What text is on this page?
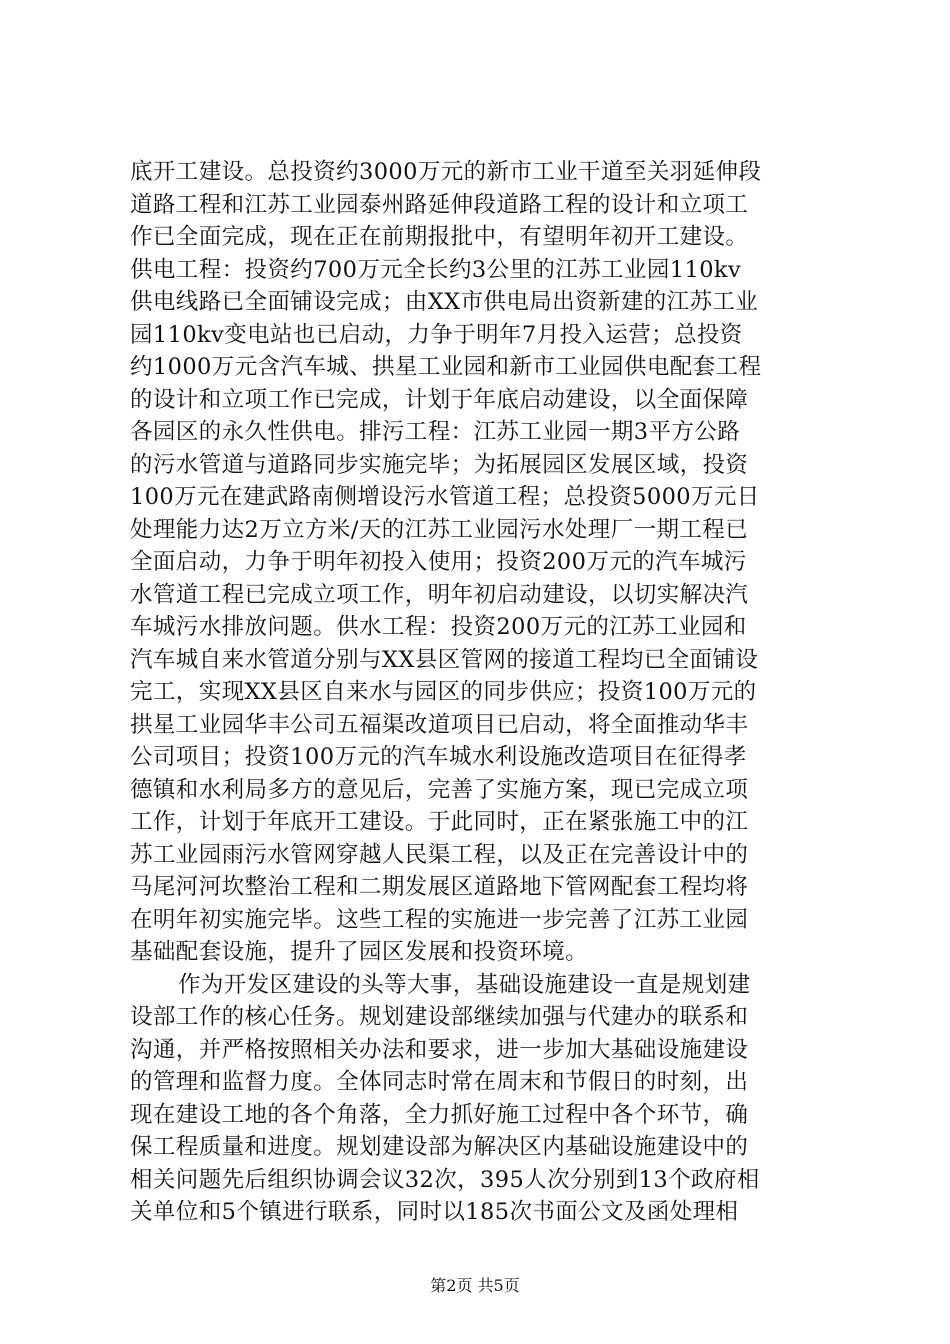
底开工建设。总投资约3000万元的新市工业干道至关羽延伸段
道路工程和江苏工业园泰州路延伸段道路工程的设计和立项工
作已全面完成，现在正在前期报批中，有望明年初开工建设。
供电工程：投资约700万元全长约3公里的江苏工业园110kv
供电线路已全面铺设完成；由XX市供电局出资新建的江苏工业
园110kv变电站也已启动，力争于明年7月投入运营；总投资
约1000万元含汽车城、拱星工业园和新市工业园供电配套工程
的设计和立项工作已完成，计划于年底启动建设，以全面保障
各园区的永久性供电。排污工程：江苏工业园一期3平方公路
的污水管道与道路同步实施完毕；为拓展园区发展区域，投资
100万元在建武路南侧增设污水管道工程；总投资5000万元日
处理能力达2万立方米/天的江苏工业园污水处理厂一期工程已
全面启动，力争于明年初投入使用；投资200万元的汽车城污
水管道工程已完成立项工作，明年初启动建设，以切实解决汽
车城污水排放问题。供水工程：投资200万元的江苏工业园和
汽车城自来水管道分别与XX县区管网的接道工程均已全面铺设
完工，实现XX县区自来水与园区的同步供应；投资100万元的
拱星工业园华丰公司五福渠改道项目已启动，将全面推动华丰
公司项目；投资100万元的汽车城水利设施改造项目在征得孝
德镇和水利局多方的意见后，完善了实施方案，现已完成立项
工作，计划于年底开工建设。于此同时，正在紧张施工中的江
苏工业园雨污水管网穿越人民渠工程，以及正在完善设计中的
马尾河河坎整治工程和二期发展区道路地下管网配套工程均将
在明年初实施完毕。这些工程的实施进一步完善了江苏工业园
基础配套设施，提升了园区发展和投资环境。
作为开发区建设的头等大事，基础设施建设一直是规划建
设部工作的核心任务。规划建设部继续加强与代建办的联系和
沟通，并严格按照相关办法和要求，进一步加大基础设施建设
的管理和监督力度。全体同志时常在周末和节假日的时刻，出
现在建设工地的各个角落，全力抓好施工过程中各个环节，确
保工程质量和进度。规划建设部为解决区内基础设施建设中的
相关问题先后组织协调会议32次，395人次分别到13个政府相
关单位和5个镇进行联系，同时以185次书面公文及函处理相
第2页 共5页
